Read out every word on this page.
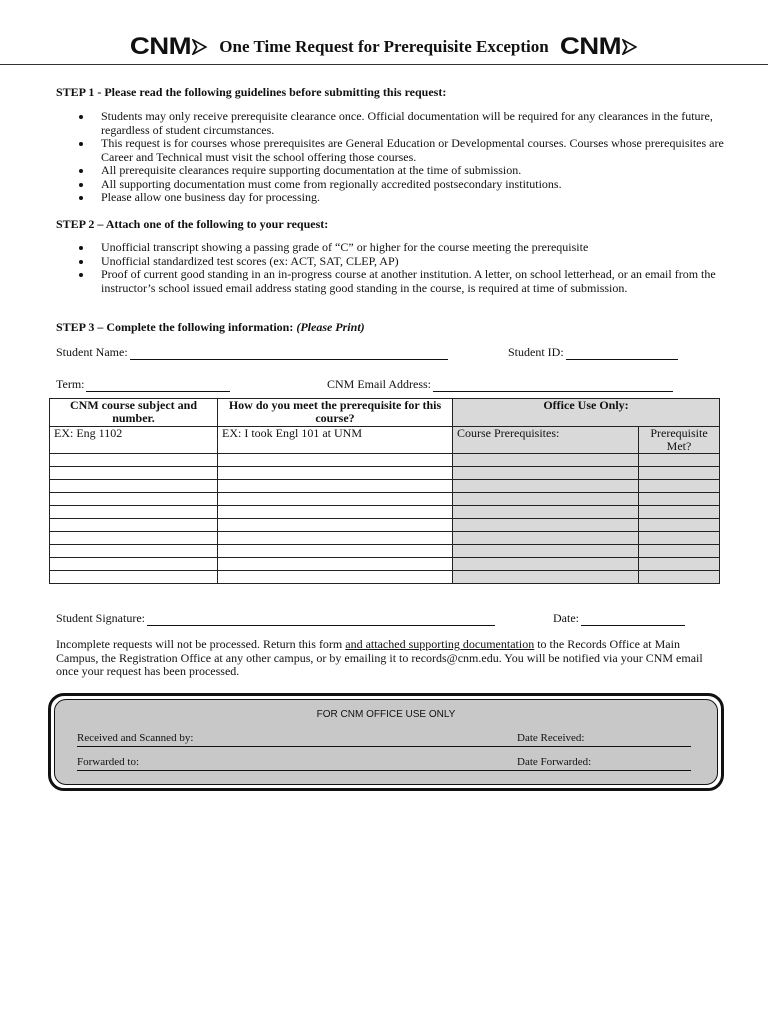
CNM One Time Request for Prerequisite Exception CNM
STEP 1 - Please read the following guidelines before submitting this request:
Students may only receive prerequisite clearance once. Official documentation will be required for any clearances in the future, regardless of student circumstances.
This request is for courses whose prerequisites are General Education or Developmental courses. Courses whose prerequisites are Career and Technical must visit the school offering those courses.
All prerequisite clearances require supporting documentation at the time of submission.
All supporting documentation must come from regionally accredited postsecondary institutions.
Please allow one business day for processing.
STEP 2 – Attach one of the following to your request:
Unofficial transcript showing a passing grade of “C” or higher for the course meeting the prerequisite
Unofficial standardized test scores (ex: ACT, SAT, CLEP, AP)
Proof of current good standing in an in-progress course at another institution. A letter, on school letterhead, or an email from the instructor’s school issued email address stating good standing in the course, is required at time of submission.
STEP 3 – Complete the following information: (Please Print)
Student Name:	Student ID:
Term:	CNM Email Address:
CNM course subject and number.	How do you meet the prerequisite for this course?	Office Use Only:	
EX: Eng 1102	EX: I took Engl 101 at UNM	Course Prerequisites:	Prerequisite Met?

Student Signature:	Date:
Incomplete requests will not be processed. Return this form and attached supporting documentation to the Records Office at Main Campus, the Registration Office at any other campus, or by emailing it to records@cnm.edu. You will be notified via your CNM email once your request has been processed.
FOR CNM OFFICE USE ONLY
Received and Scanned by:	Date Received:
Forwarded to:	Date Forwarded:
